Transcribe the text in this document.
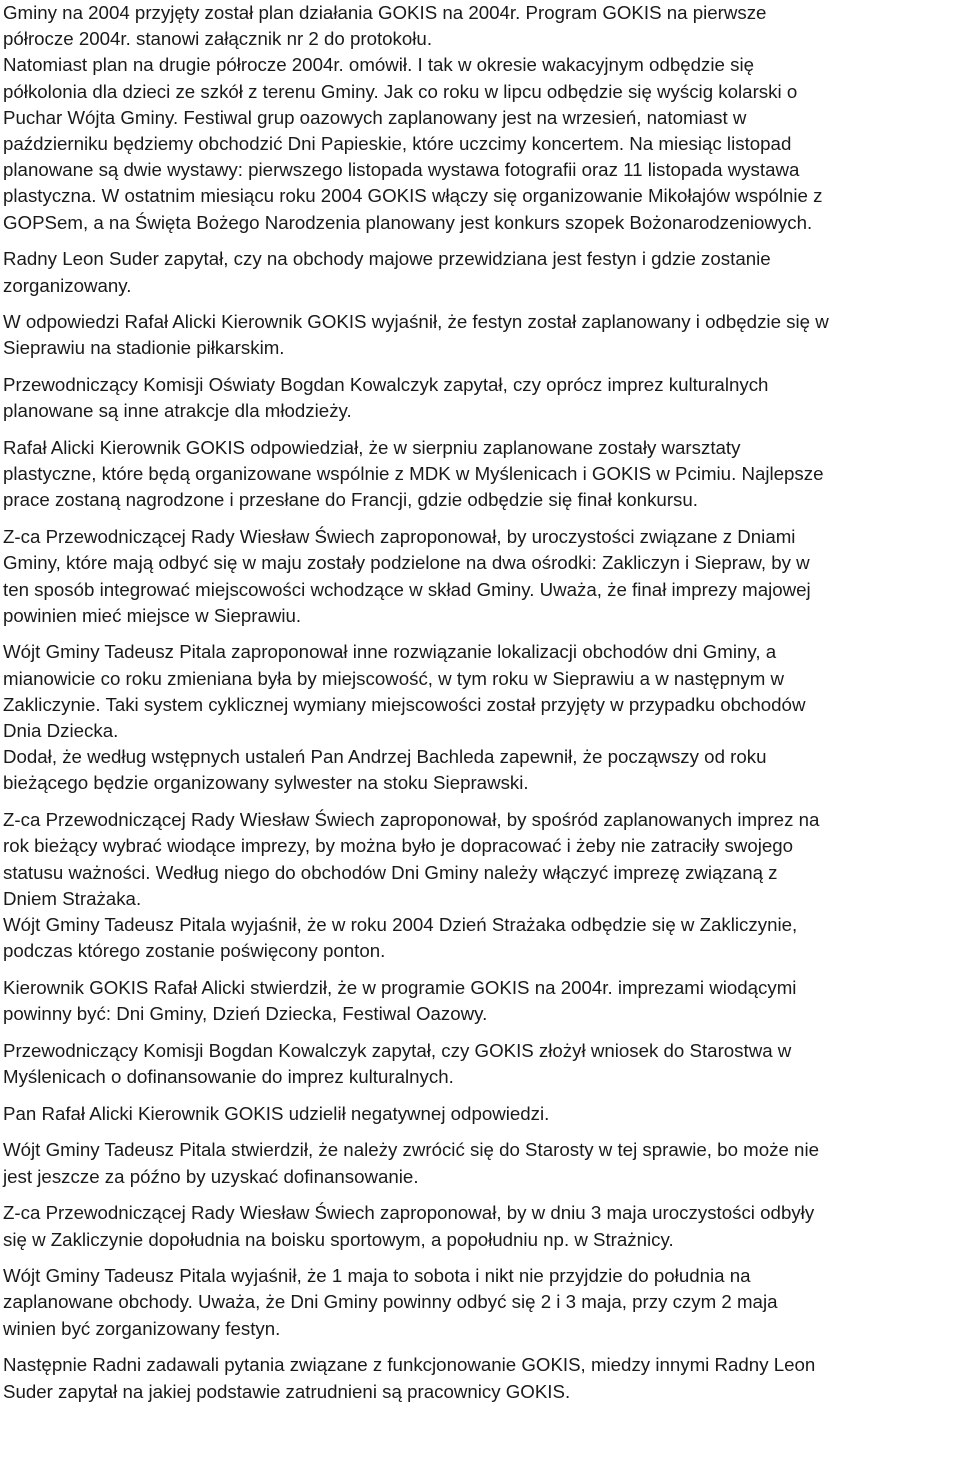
Gminy na 2004 przyjęty został plan działania GOKIS na 2004r. Program GOKIS na pierwsze
półrocze 2004r. stanowi załącznik nr 2 do protokołu.
Natomiast plan na drugie półrocze 2004r. omówił. I tak w okresie wakacyjnym odbędzie się
półkolonia dla dzieci ze szkół z terenu Gminy. Jak co roku w lipcu odbędzie się wyścig kolarski o
Puchar Wójta Gminy. Festiwal grup oazowych zaplanowany jest na wrzesień, natomiast w
październiku będziemy obchodzić Dni Papieskie, które uczcimy koncertem. Na miesiąc listopad
planowane są dwie wystawy: pierwszego listopada wystawa fotografii oraz 11 listopada wystawa
plastyczna. W ostatnim miesiącu roku 2004 GOKIS włączy się organizowanie Mikołajów wspólnie z
GOPSem, a na Święta Bożego Narodzenia planowany jest konkurs szopek Bożonarodzeniowych.

Radny Leon Suder zapytał, czy na obchody majowe przewidziana jest festyn i gdzie zostanie
zorganizowany.

W odpowiedzi Rafał Alicki Kierownik GOKIS wyjaśnił, że festyn został zaplanowany i odbędzie się w
Sieprawiu na stadionie piłkarskim.

Przewodniczący Komisji Oświaty Bogdan Kowalczyk zapytał, czy oprócz imprez kulturalnych
planowane są inne atrakcje dla młodzieży.

Rafał Alicki Kierownik GOKIS odpowiedział, że w sierpniu zaplanowane zostały warsztaty
plastyczne, które będą organizowane wspólnie z MDK w Myślenicach i GOKIS w Pcimiu. Najlepsze
prace zostaną nagrodzone i przesłane do Francji, gdzie odbędzie się finał konkursu.

Z-ca Przewodniczącej Rady Wiesław Świech zaproponował, by uroczystości związane z Dniami
Gminy, które mają odbyć się w maju zostały podzielone na dwa ośrodki: Zakliczyn i Siepraw, by w
ten sposób integrować miejscowości wchodzące w skład Gminy. Uważa, że finał imprezy majowej
powinien mieć miejsce w Sieprawiu.

Wójt Gminy Tadeusz Pitala zaproponował inne rozwiązanie lokalizacji obchodów dni Gminy, a
mianowicie co roku zmieniana była by miejscowość, w tym roku w Sieprawiu a w następnym w
Zakliczynie. Taki system cyklicznej wymiany miejscowości został przyjęty w przypadku obchodów
Dnia Dziecka.

Dodał, że według wstępnych ustaleń Pan Andrzej Bachleda zapewnił, że począwszy od roku
bieżącego będzie organizowany sylwester na stoku Sieprawski.

Z-ca Przewodniczącej Rady Wiesław Świech zaproponował, by spośród zaplanowanych imprez na
rok bieżący wybrać wiodące imprezy, by można było je dopracować i żeby nie zatraciły swojego
statusu ważności. Według niego do obchodów Dni Gminy należy włączyć imprezę związaną z
Dniem Strażaka.

Wójt Gminy Tadeusz Pitala wyjaśnił, że w roku 2004 Dzień Strażaka odbędzie się w Zakliczynie,
podczas którego zostanie poświęcony ponton.

Kierownik GOKIS Rafał Alicki stwierdził, że w programie GOKIS na 2004r. imprezami wiodącymi
powinny być: Dni Gminy, Dzień Dziecka, Festiwal Oazowy.

Przewodniczący Komisji Bogdan Kowalczyk zapytał, czy GOKIS złożył wniosek do Starostwa w
Myślenicach o dofinansowanie do imprez kulturalnych.

Pan Rafał Alicki Kierownik GOKIS udzielił negatywnej odpowiedzi.

Wójt Gminy Tadeusz Pitala stwierdził, że należy zwrócić się do Starosty w tej sprawie, bo może nie
jest jeszcze za późno by uzyskać dofinansowanie.

Z-ca Przewodniczącej Rady Wiesław Świech zaproponował, by w dniu 3 maja uroczystości odbyły
się w Zakliczynie dopołudnia na boisku sportowym, a popołudniu np. w Strażnicy.

Wójt Gminy Tadeusz Pitala wyjaśnił, że 1 maja to sobota i nikt nie przyjdzie do południa na
zaplanowane obchody. Uważa, że Dni Gminy powinny odbyć się 2 i 3 maja, przy czym 2 maja
winien być zorganizowany festyn.

Następnie Radni zadawali pytania związane z funkcjonowanie GOKIS, miedzy innymi Radny Leon
Suder zapytał na jakiej podstawie zatrudnieni są pracownicy GOKIS.
